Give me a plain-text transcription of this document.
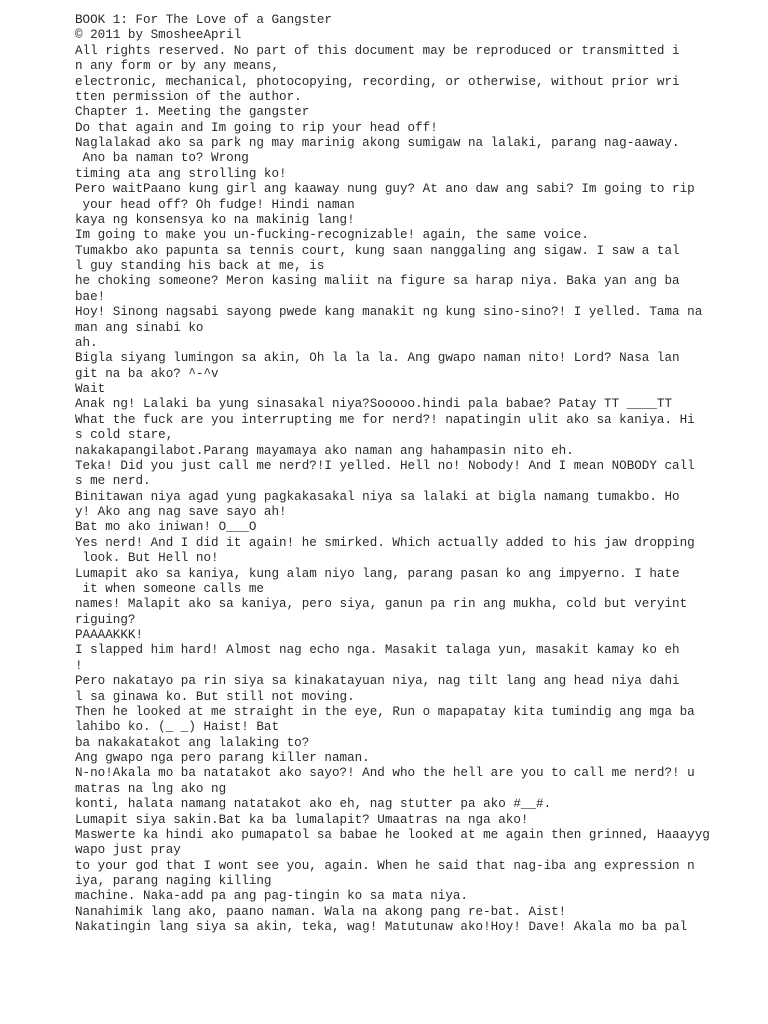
BOOK 1: For The Love of a Gangster
© 2011 by SmosheeApril
All rights reserved. No part of this document may be reproduced or transmitted i
n any form or by any means,
electronic, mechanical, photocopying, recording, or otherwise, without prior wri
tten permission of the author.
Chapter 1. Meeting the gangster
Do that again and Im going to rip your head off!
Naglalakad ako sa park ng may marinig akong sumigaw na lalaki, parang nag-aaway.
Ano ba naman to? Wrong
timing ata ang strolling ko!
Pero waitPaano kung girl ang kaaway nung guy? At ano daw ang sabi? Im going to rip
your head off? Oh fudge! Hindi naman
kaya ng konsensya ko na makinig lang!
Im going to make you un-fucking-recognizable! again, the same voice.
Tumakbo ako papunta sa tennis court, kung saan nanggaling ang sigaw. I saw a tal
l guy standing his back at me, is
he choking someone? Meron kasing maliit na figure sa harap niya. Baka yan ang ba
bae!
Hoy! Sinong nagsabi sayong pwede kang manakit ng kung sino-sino?! I yelled. Tama na
man ang sinabi ko
ah.
Bigla siyang lumingon sa akin, Oh la la la. Ang gwapo naman nito! Lord? Nasa lan
git na ba ako? ^-^v
Wait
Anak ng! Lalaki ba yung sinasakal niya?Sooooo.hindi pala babae? Patay TT ____TT
What the fuck are you interrupting me for nerd?! napatingin ulit ako sa kaniya. Hi
s cold stare,
nakakapangilabot.Parang mayamaya ako naman ang hahampasin nito eh.
Teka! Did you just call me nerd?!I yelled. Hell no! Nobody! And I mean NOBODY call
s me nerd.
Binitawan niya agad yung pagkakasakal niya sa lalaki at bigla namang tumakbo. Ho
y! Ako ang nag save sayo ah!
Bat mo ako iniwan! O___O
Yes nerd! And I did it again! he smirked. Which actually added to his jaw dropping
look. But Hell no!
Lumapit ako sa kaniya, kung alam niyo lang, parang pasan ko ang impyerno. I hate
it when someone calls me
names! Malapit ako sa kaniya, pero siya, ganun pa rin ang mukha, cold but veryint
riguing?
PAAAAKKK!
I slapped him hard! Almost nag echo nga. Masakit talaga yun, masakit kamay ko eh
!
Pero nakatayo pa rin siya sa kinakatayuan niya, nag tilt lang ang head niya dahi
l sa ginawa ko. But still not moving.
Then he looked at me straight in the eye, Run o mapapatay kita tumindig ang mga ba
lahibo ko. (_ _) Haist! Bat
ba nakakatakot ang lalaking to?
Ang gwapo nga pero parang killer naman.
N-no!Akala mo ba natatakot ako sayo?! And who the hell are you to call me nerd?! u
matras na lng ako ng
konti, halata namang natatakot ako eh, nag stutter pa ako #__#.
Lumapit siya sakin.Bat ka ba lumalapit? Umaatras na nga ako!
Maswerte ka hindi ako pumapatol sa babae he looked at me again then grinned, Haaayyg
wapo just pray
to your god that I wont see you, again. When he said that nag-iba ang expression n
iya, parang naging killing
machine. Naka-add pa ang pag-tingin ko sa mata niya.
Nanahimik lang ako, paano naman. Wala na akong pang re-bat. Aist!
Nakatingin lang siya sa akin, teka, wag! Matutunaw ako!Hoy! Dave! Akala mo ba pal
